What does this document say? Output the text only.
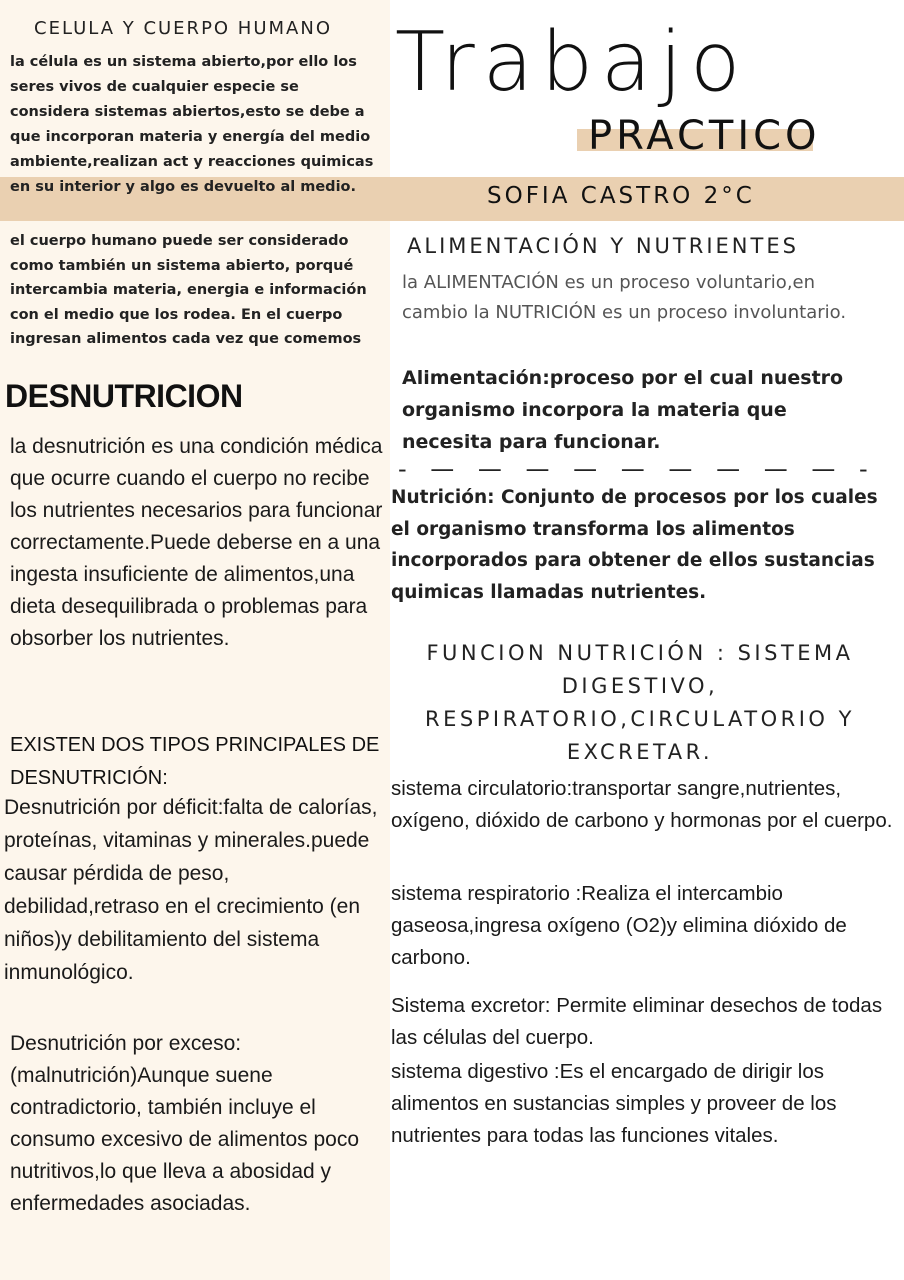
CELULA Y CUERPO HUMANO
la célula es un sistema abierto,por ello los seres vivos de cualquier especie se considera sistemas abiertos,esto se debe a que incorporan materia y energía del medio ambiente,realizan act y reacciones quimicas en su interior y algo es devuelto al medio.
el cuerpo humano puede ser considerado como también un sistema abierto, porqué intercambia materia, energia e información con el medio que los rodea. En el cuerpo ingresan alimentos cada vez que comemos
Trabajo
PRACTICO
SOFIA CASTRO 2°C
DESNUTRICION
la desnutrición es una condición médica que ocurre cuando el cuerpo no recibe los nutrientes necesarios para funcionar correctamente.Puede deberse en a una ingesta insuficiente de alimentos,una dieta desequilibrada o problemas para obsorber los nutrientes.
EXISTEN DOS TIPOS PRINCIPALES DE DESNUTRICIÓN:
Desnutrición por déficit:falta de calorías, proteínas, vitaminas y minerales.puede causar pérdida de peso, debilidad,retraso en el crecimiento (en niños)y debilitamiento del sistema inmunológico.
Desnutrición por exceso: (malnutrición)Aunque suene contradictorio, también incluye el consumo excesivo de alimentos poco nutritivos,lo que lleva a abosidad y enfermedades asociadas.
ALIMENTACIÓN Y NUTRIENTES
la ALIMENTACIÓN es un proceso voluntario,en cambio la NUTRICIÓN es un proceso involuntario.
Alimentación:proceso por el cual nuestro organismo incorpora la materia que necesita para funcionar.
- — — — — — — — — — -
Nutrición: Conjunto de procesos por los cuales el organismo transforma los alimentos incorporados para obtener de ellos sustancias quimicas llamadas nutrientes.
FUNCION NUTRICIÓN : SISTEMA DIGESTIVO, RESPIRATORIO,CIRCULATORIO Y EXCRETAR.
sistema circulatorio:transportar sangre,nutrientes, oxígeno, dióxido de carbono y hormonas por el cuerpo.
sistema respiratorio :Realiza el intercambio gaseosa,ingresa oxígeno (O2)y elimina dióxido de carbono.
Sistema excretor: Permite eliminar desechos de todas las células del cuerpo.
sistema digestivo :Es el encargado de dirigir los alimentos en sustancias simples y proveer de los nutrientes para todas las funciones vitales.
